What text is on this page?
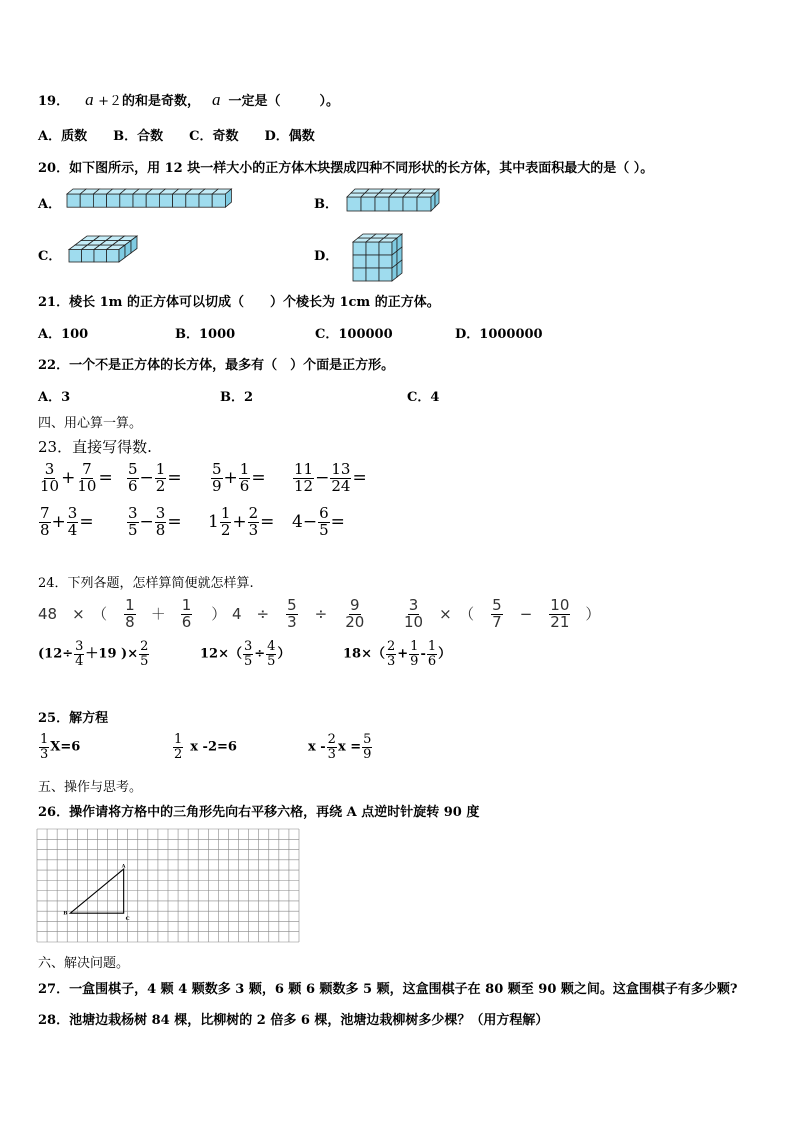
19． a +２的和是奇数， a 一定是（　　　）。
A．质数 B．合数 C．奇数 D．偶数
20．如下图所示，用 12 块一样大小的正方体木块摆成四种不同形状的长方体，其中表面积最大的是（ ）。
A．	B．
C．	D．
21．棱长 1m 的正方体可以切成（　　）个棱长为 1cm 的正方体。
A．100	B．1000	C．100000	D．1000000
22．一个不是正方体的长方体，最多有（　）个面是正方形。
A．3	B．2	C．4
四、用心算一算。
23．直接写得数.
$\frac{3}{10} + \frac{7}{10} = \frac{5}{6} - \frac{1}{2} = \frac{5}{9} + \frac{1}{6} = \frac{11}{12} - \frac{13}{24}$ =
$\frac{7}{8} + \frac{3}{4} = \frac{3}{5} - \frac{3}{8} = 1 \frac{1}{2} + \frac{2}{3} = 4- \frac{6}{5}$ =
24．下列各题，怎样算简便就怎样算.
48　×　（ $\frac{1}{8} + \frac{1}{6}$ ） 4　÷ $\frac{5}{3} \div \frac{9}{20}$	$\frac{3}{10}$ ×　（ $\frac{5}{7} - \frac{10}{21}$ ）
($12\div \frac{3}{4} +19$ )× $\frac{2}{5}$	$12\times( \frac{3}{5} \div \frac{4}{5}$ ）	$18\times( \frac{2}{3} + \frac{1}{9} - \frac{1}{6}$ ）
25．解方程
$\frac{1}{3} X=6$	$\frac{1}{2}$ x -2=6	x - $\frac{2}{3}$ $x = \frac{5}{9}$
五、操作与思考。
26．操作请将方格中的三角形先向右平移六格，再绕 A 点逆时针旋转 90 度
A
B
C
六、解决问题。
27．一盒围棋子，4 颗 4 颗数多 3 颗，6 颗 6 颗数多 5 颗，这盒围棋子在 80 颗至 90 颗之间。这盒围棋子有多少颗?
28．池塘边栽杨树 84 棵，比柳树的 2 倍多 6 棵，池塘边栽柳树多少棵？（用方程解）
